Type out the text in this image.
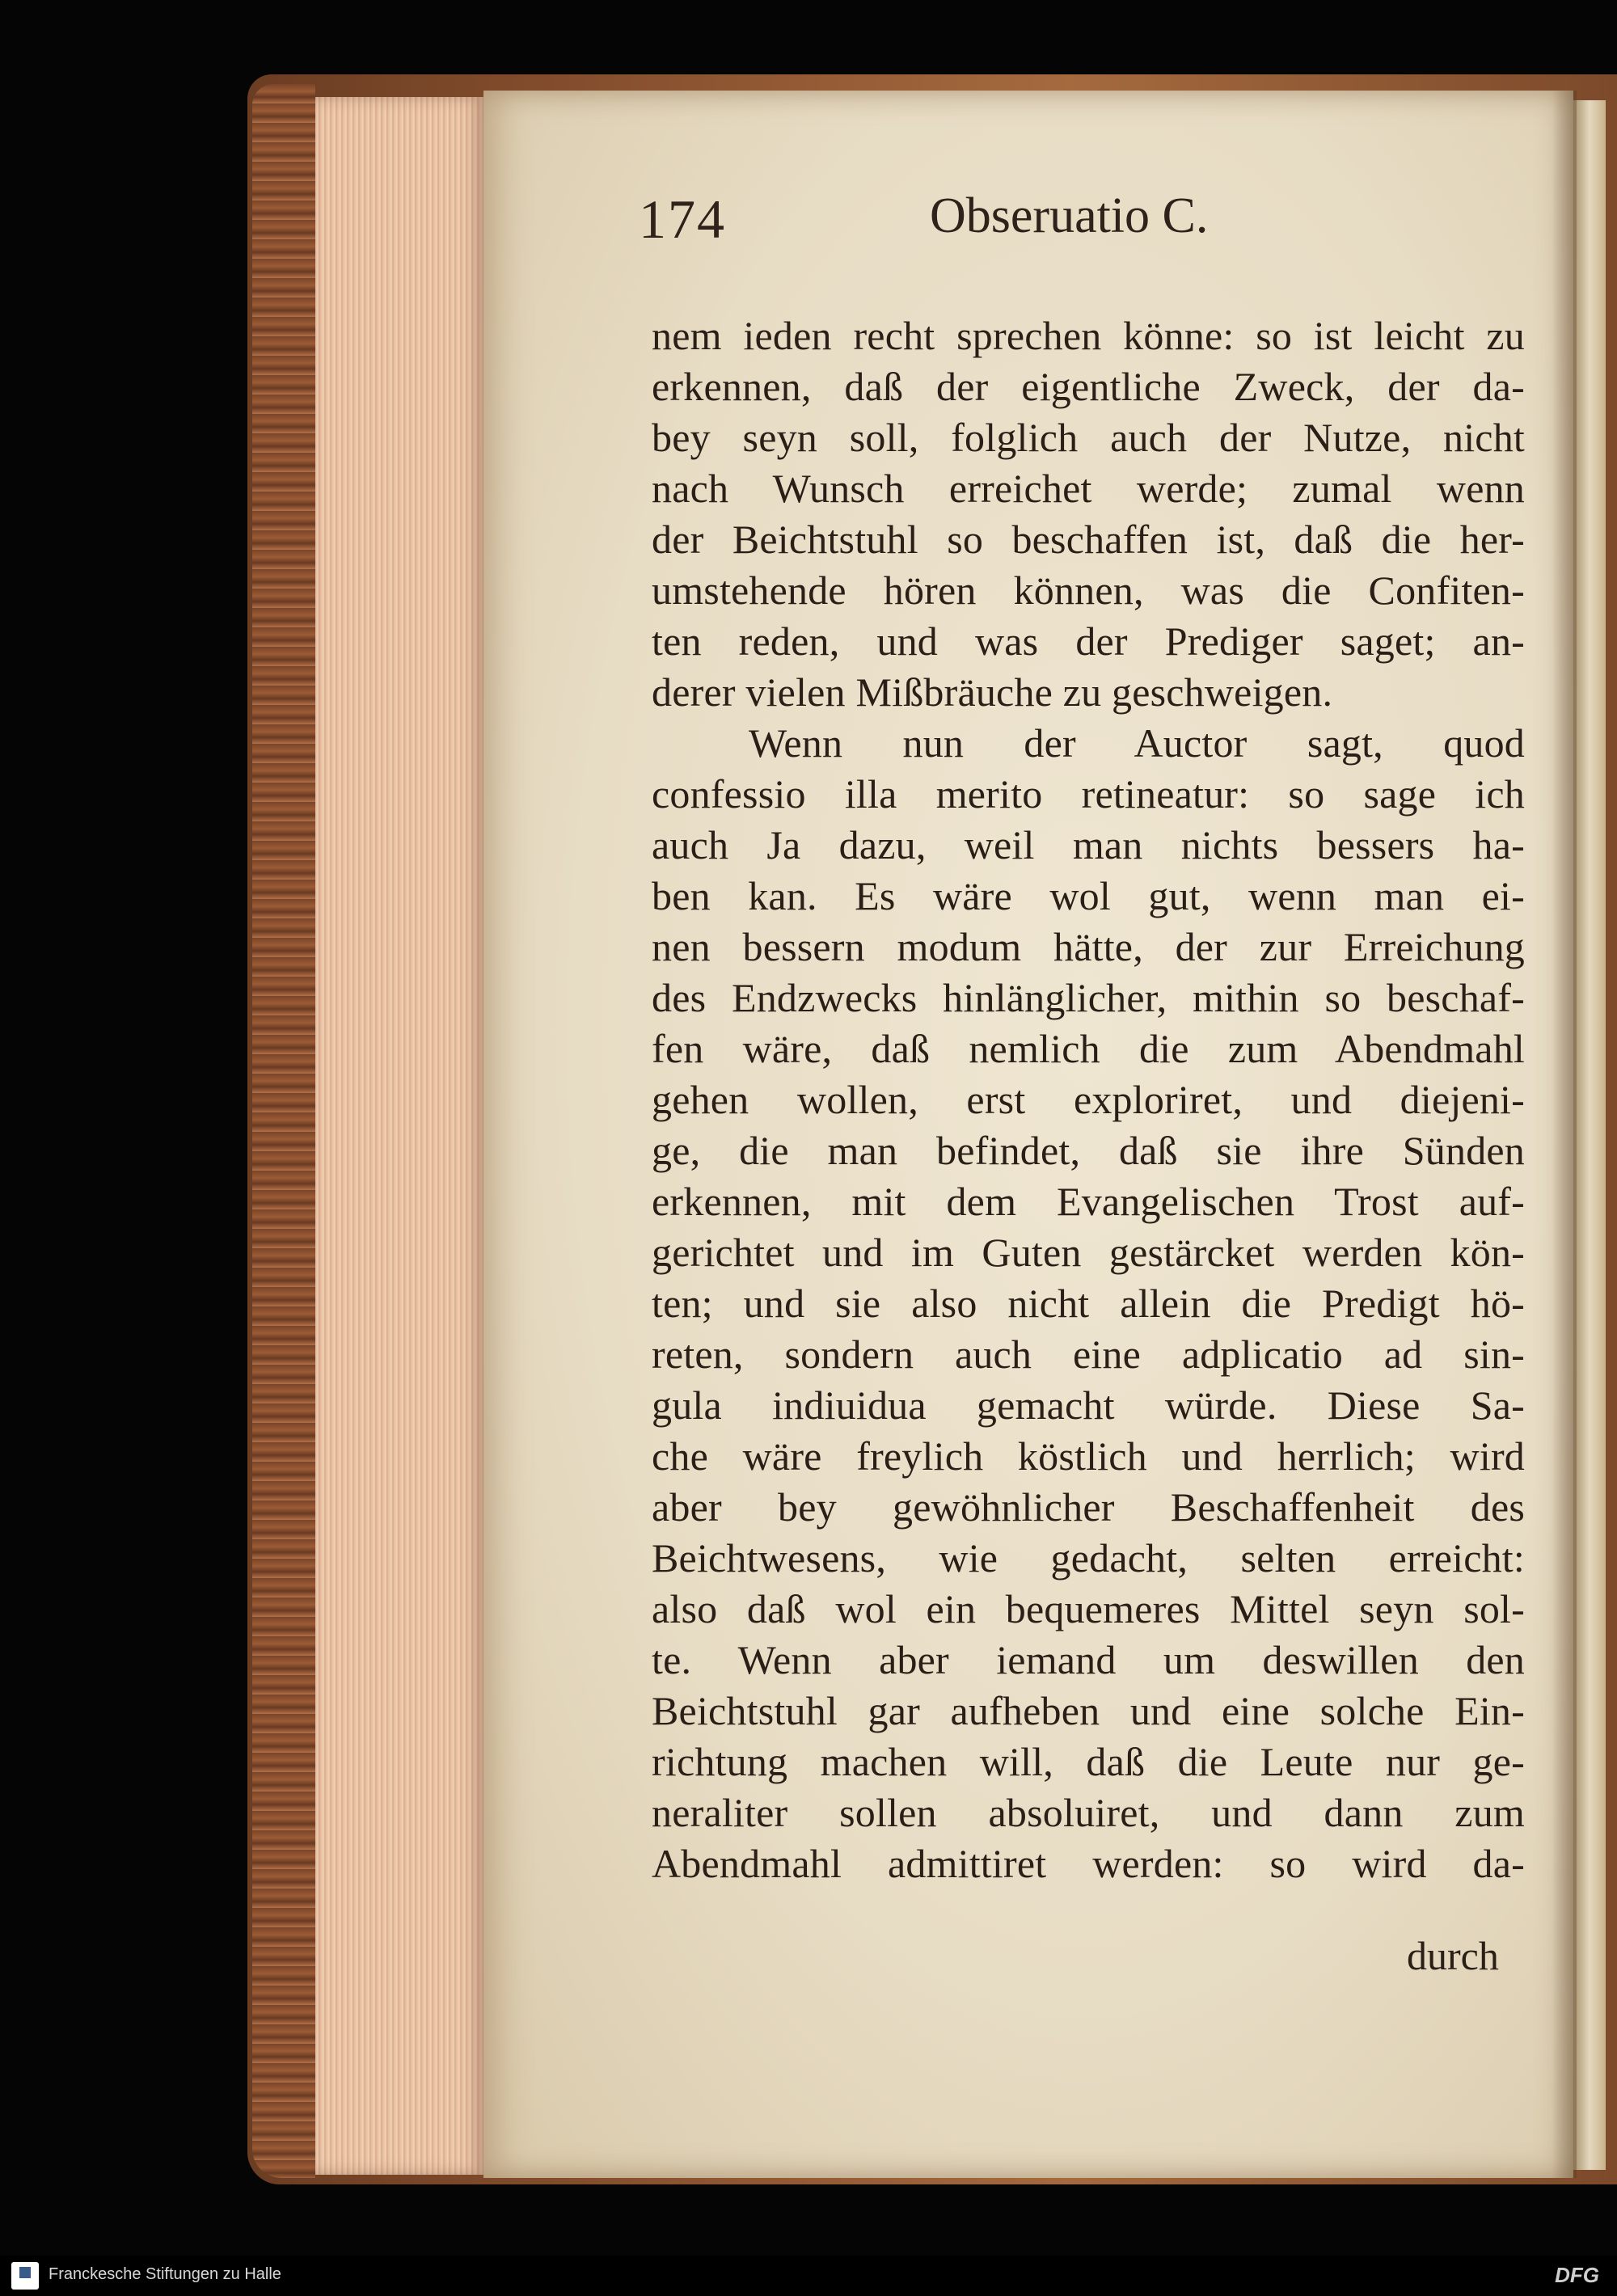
174	Obseruatio C.
nem ieden recht sprechen könne: so ist leicht zu
erkennen, daß der eigentliche Zweck, der da-
bey seyn soll, folglich auch der Nutze, nicht
nach Wunsch erreichet werde; zumal wenn
der Beichtstuhl so beschaffen ist, daß die her-
umstehende hören können, was die Confiten-
ten reden, und was der Prediger saget; an-
derer vielen Mißbräuche zu geschweigen.
Wenn nun der Auctor sagt, quod
confessio illa merito retineatur: so sage ich
auch Ja dazu, weil man nichts bessers ha-
ben kan. Es wäre wol gut, wenn man ei-
nen bessern modum hätte, der zur Erreichung
des Endzwecks hinlänglicher, mithin so beschaf-
fen wäre, daß nemlich die zum Abendmahl
gehen wollen, erst exploriret, und diejeni-
ge, die man befindet, daß sie ihre Sünden
erkennen, mit dem Evangelischen Trost auf-
gerichtet und im Guten gestärcket werden kön-
ten; und sie also nicht allein die Predigt hö-
reten, sondern auch eine adplicatio ad sin-
gula indiuidua gemacht würde. Diese Sa-
che wäre freylich köstlich und herrlich; wird
aber bey gewöhnlicher Beschaffenheit des
Beichtwesens, wie gedacht, selten erreicht:
also daß wol ein bequemeres Mittel seyn sol-
te. Wenn aber iemand um deswillen den
Beichtstuhl gar aufheben und eine solche Ein-
richtung machen will, daß die Leute nur ge-
neraliter sollen absoluiret, und dann zum
Abendmahl admittiret werden: so wird da-
durch
Franckesche Stiftungen zu Halle	DFG
